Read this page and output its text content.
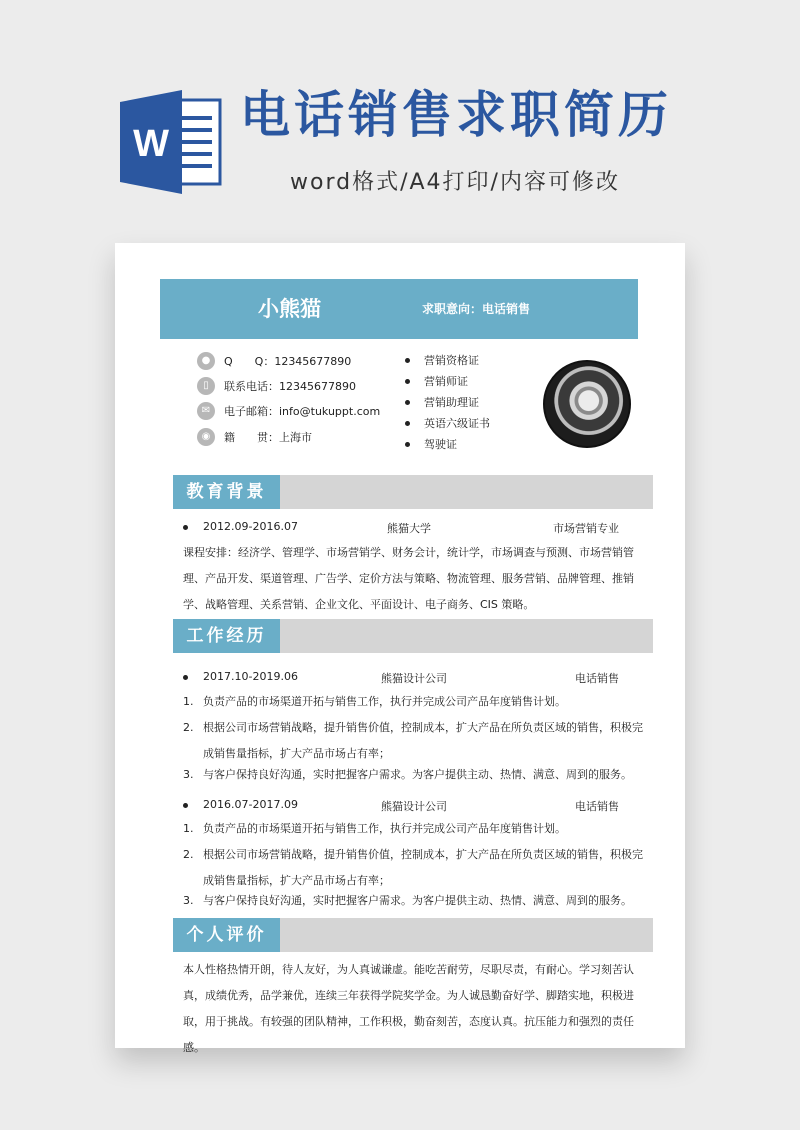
W 电话销售求职简历
word格式/A4打印/内容可修改
小熊猫	求职意向：电话销售
●	Q　　Q：12345677890
▯	联系电话：12345677890
✉	电子邮箱：info@tukuppt.com
◉	籍　　贯：上海市
营销资格证
营销师证
营销助理证
英语六级证书
驾驶证
教育背景
2012.09-2016.07	熊猫大学	市场营销专业
课程安排：经济学、管理学、市场营销学、财务会计，统计学，市场调查与预测、市场营销管理、产品开发、渠道管理、广告学、定价方法与策略、物流管理、服务营销、品牌管理、推销学、战略管理、关系营销、企业文化、平面设计、电子商务、CIS 策略。
工作经历
2017.10-2019.06	熊猫设计公司	电话销售
1. 负责产品的市场渠道开拓与销售工作，执行并完成公司产品年度销售计划。
2. 根据公司市场营销战略，提升销售价值，控制成本，扩大产品在所负责区域的销售，积极完成销售量指标，扩大产品市场占有率；
3. 与客户保持良好沟通，实时把握客户需求。为客户提供主动、热情、满意、周到的服务。
2016.07-2017.09	熊猫设计公司	电话销售
1. 负责产品的市场渠道开拓与销售工作，执行并完成公司产品年度销售计划。
2. 根据公司市场营销战略，提升销售价值，控制成本，扩大产品在所负责区域的销售，积极完成销售量指标，扩大产品市场占有率；
3. 与客户保持良好沟通，实时把握客户需求。为客户提供主动、热情、满意、周到的服务。
个人评价
本人性格热情开朗，待人友好，为人真诚谦虚。能吃苦耐劳，尽职尽责，有耐心。学习刻苦认真，成绩优秀，品学兼优，连续三年获得学院奖学金。为人诚恳勤奋好学、脚踏实地，积极进取，用于挑战。有较强的团队精神，工作积极，勤奋刻苦，态度认真。抗压能力和强烈的责任感。
